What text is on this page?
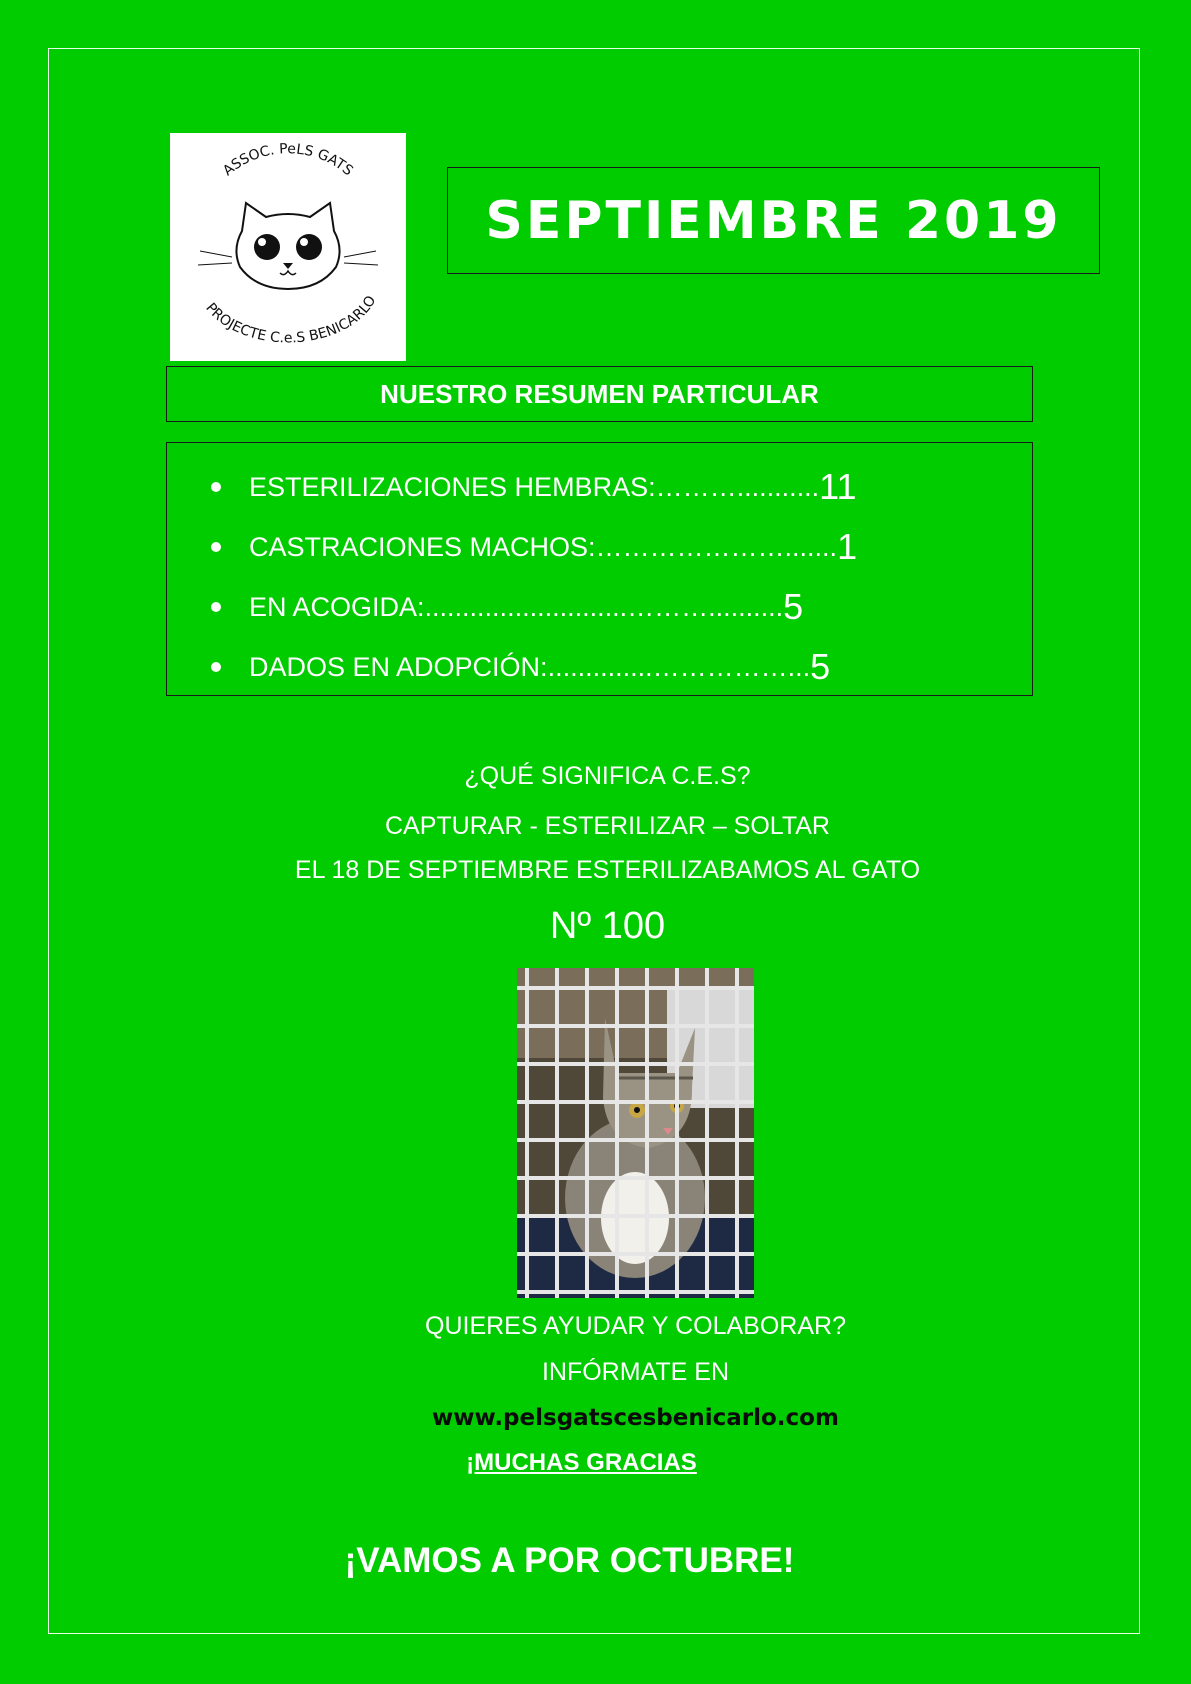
ASSOC. PeLS GATS
PROJECTE C.e.S BENICARLO
SEPTIEMBRE 2019
NUESTRO RESUMEN PARTICULAR
ESTERILIZACIONES HEMBRAS: ………........... 11
CASTRACIONES MACHOS: …………………....... 1
EN ACOGIDA: ...........................……….......... 5
DADOS EN ADOPCIÓN: ..............……………... 5
¿QUÉ SIGNIFICA C.E.S?
CAPTURAR - ESTERILIZAR – SOLTAR
EL 18 DE SEPTIEMBRE ESTERILIZABAMOS AL GATO
Nº 100
QUIERES AYUDAR Y COLABORAR?
INFÓRMATE EN
www.pelsgatscesbenicarlo.com
¡MUCHAS GRACIAS
¡VAMOS A POR OCTUBRE!
